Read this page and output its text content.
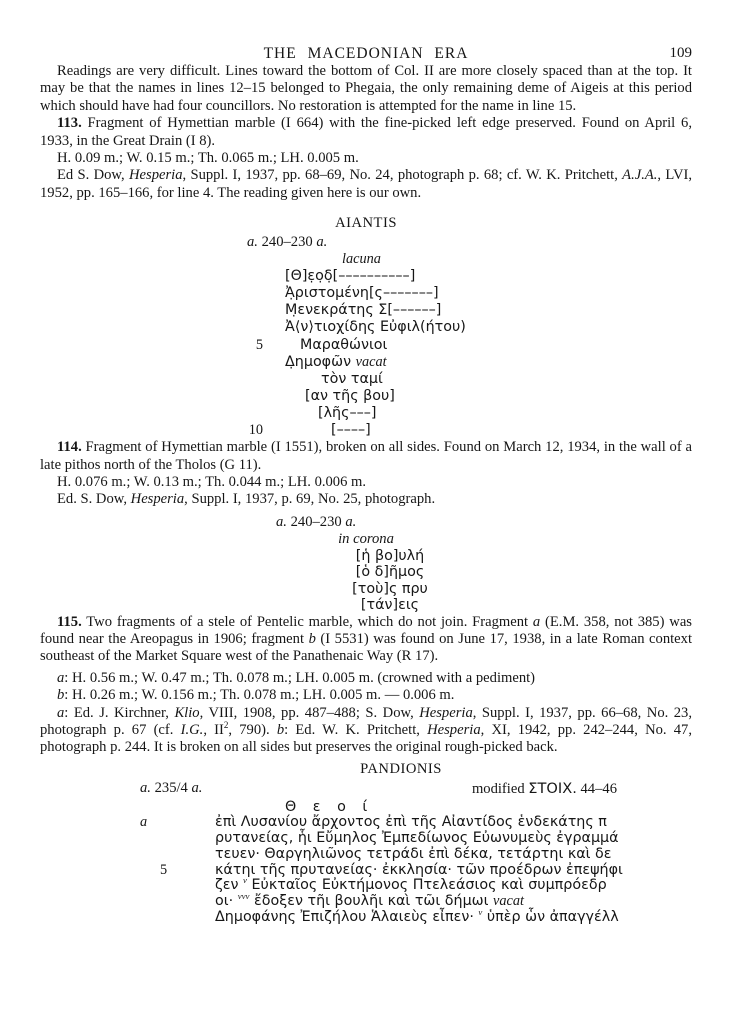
THE MACEDONIAN ERA	109

Readings are very difficult. Lines toward the bottom of Col. II are more closely spaced than at the top. It may be that the names in lines 12–15 belonged to Phegaia, the only remaining deme of Aigeis at this period which should have had four councillors. No restoration is attempted for the name in line 15.

113. Fragment of Hymettian marble (I 664) with the fine-picked left edge preserved. Found on April 6, 1933, in the Great Drain (I 8).

H. 0.09 m.; W. 0.15 m.; Th. 0.065 m.; LH. 0.005 m.

Ed S. Dow, Hesperia, Suppl. I, 1937, pp. 68–69, No. 24, photograph p. 68; cf. W. K. Pritchett, A.J.A., LVI, 1952, pp. 165–166, for line 4. The reading given here is our own.

AIANTIS
a. 240–230 a.
lacuna
[Θ]ε̣ο̣δ̣[––––––––––]
Ἀ̣ριστομένη[ς–––––––]
Μ̣ενεκράτης Σ[––––––]
Ἀ⟨ν⟩τιοχίδης Εὐφιλ(ήτου)
5	Μαραθώνιοι
Δ̣ημοφῶν vacat
τὸν ταμί
[αν τῆς βου]
[λῆς–––]
10	[––––]

114. Fragment of Hymettian marble (I 1551), broken on all sides. Found on March 12, 1934, in the wall of a late pithos north of the Tholos (G 11).

H. 0.076 m.; W. 0.13 m.; Th. 0.044 m.; LH. 0.006 m.

Ed. S. Dow, Hesperia, Suppl. I, 1937, p. 69, No. 25, photograph.

a. 240–230 a.
in corona
[ἡ βο]υλή
[ὁ δ]ῆμος
[τοὺ]ς πρυ
[τάν]εις

115. Two fragments of a stele of Pentelic marble, which do not join. Fragment a (E.M. 358, not 385) was found near the Areopagus in 1906; fragment b (I 5531) was found on June 17, 1938, in a late Roman context southeast of the Market Square west of the Panathenaic Way (R 17).

a: H. 0.56 m.; W. 0.47 m.; Th. 0.078 m.; LH. 0.005 m. (crowned with a pediment)

b: H. 0.26 m.; W. 0.156 m.; Th. 0.078 m.; LH. 0.005 m. — 0.006 m.

a: Ed. J. Kirchner, Klio, VIII, 1908, pp. 487–488; S. Dow, Hesperia, Suppl. I, 1937, pp. 66–68, No. 23, photograph p. 67 (cf. I.G., $II^2$, 790). b: Ed. W. K. Pritchett, Hesperia, XI, 1942, pp. 242–244, No. 47, photograph p. 244. It is broken on all sides but preserves the original rough-picked back.

PANDIONIS
a. 235/4 a.	modified ΣΤΟΙΧ. 44–46
Θ ε ο ί
a	ἐπὶ Λυσανίου ἄρχοντος ἐπὶ τῆς Αἰαντίδος ἑνδεκάτης π
ρυτανείας, ἧι Εὔμηλος Ἐμπεδίωνος Εὐωνυμεὺς ἐγραμμά
τευεν· Θαργηλιῶνος τετράδι ἐπὶ δέκα, τετάρτηι καὶ δε
5	κάτηι τῆς πρυτανείας· ἐκκλησία· τῶν προέδρων ἐπεψήφι
ζεν $^v$ Εὐκταῖος Εὐκτήμονος Πτελεάσιος καὶ συμπρόεδρ
οι· $^{vvv}$ ἔδοξεν τῆι βουλῆι καὶ τῶι δήμωι vacat
Δημοφάνης Ἐπιζήλου Ἁλαιεὺς εἶπεν· $^v$ ὑπὲρ ὧν ἀπαγγέλλ
